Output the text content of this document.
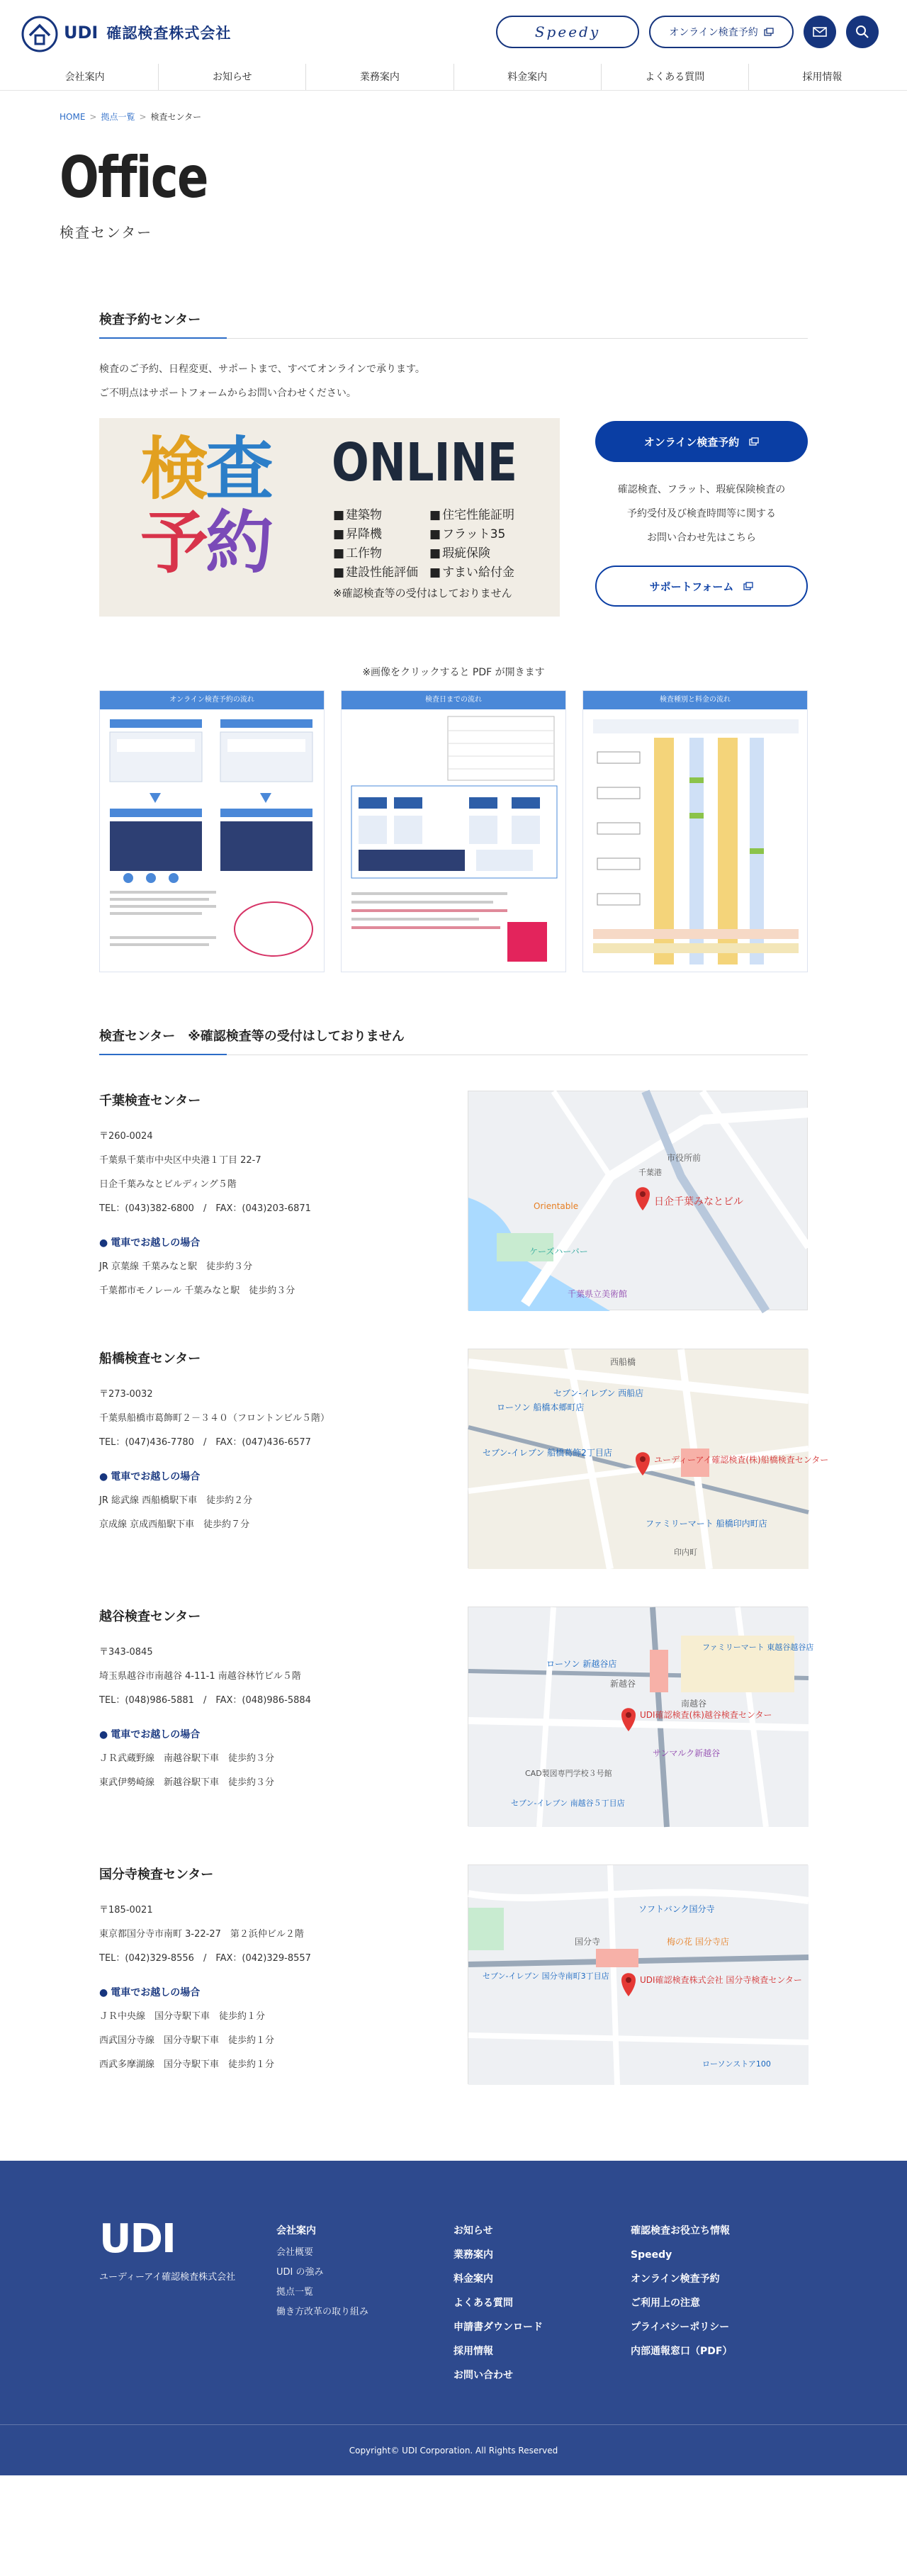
UDI 確認検査株式会社	Speedy	オンライン検査予約
会社案内	お知らせ	業務案内	料金案内	よくある質問	採用情報
HOME > 拠点一覧 > 検査センター
Office

検査センター

検査予約センター

検査のご予約、日程変更、サポートまで、すべてオンラインで承ります。
ご不明点はサポートフォームからお問い合わせください。

検査
予約
ONLINE
■ 建築物	■ 住宅性能証明
■ 昇降機	■ フラット35
■ 工作物	■ 瑕疵保険
■ 建設性能評価	■ すまい給付金
※確認検査等の受付はしておりません
オンライン検査予約

確認検査、フラット、瑕疵保険検査の
予約受付及び検査時間等に関する
お問い合わせ先はこちら

サポートフォーム

※画像をクリックすると PDF が開きます

オンライン検査予約の流れ	検査日までの流れ	検査種別と料金の流れ
検査センター　※確認検査等の受付はしておりません
千葉検査センター

〒260-0024

千葉県千葉市中央区中央港１丁目 22-7

日企千葉みなとビルディング５階

TEL：(043)382-6800　/　FAX：(043)203-6871

● 電車でお越しの場合

JR 京葉線 千葉みなと駅　徒歩約３分

千葉都市モノレール 千葉みなと駅　徒歩約３分

日企千葉みなとビル
Orientable
ケーズハーバー
市役所前
千葉県立美術館
千葉港
船橋検査センター

〒273-0032

千葉県船橋市葛飾町２－３４０（フロントンビル５階）

TEL：(047)436-7780　/　FAX：(047)436-6577

● 電車でお越しの場合

JR 総武線 西船橋駅下車　徒歩約２分

京成線 京成西船駅下車　徒歩約７分

ユーディーアイ確認検査(株)船橋検査センター
ローソン 船橋本郷町店
セブン-イレブン 西船店
西船橋
セブン-イレブン 船橋葛飾2丁目店
ファミリーマート 船橋印内町店
印内町
越谷検査センター

〒343-0845

埼玉県越谷市南越谷 4-11-1 南越谷林竹ビル５階

TEL：(048)986-5881　/　FAX：(048)986-5884

● 電車でお越しの場合

ＪＲ武蔵野線　南越谷駅下車　徒歩約３分

東武伊勢崎線　新越谷駅下車　徒歩約３分

UDI確認検査(株)越谷検査センター
ローソン 新越谷店
新越谷
南越谷
サンマルク新越谷
CAD製図専門学校３号館
セブン-イレブン 南越谷５丁目店
ファミリーマート 東越谷越谷店
国分寺検査センター

〒185-0021

東京都国分寺市南町 3-22-27　第２浜仲ビル２階

TEL：(042)329-8556　/　FAX：(042)329-8557

● 電車でお越しの場合

ＪＲ中央線　国分寺駅下車　徒歩約１分

西武国分寺線　国分寺駅下車　徒歩約１分

西武多摩湖線　国分寺駅下車　徒歩約１分

UDI確認検査株式会社 国分寺検査センター
ソフトバンク国分寺
国分寺
セブン-イレブン 国分寺南町3丁目店
梅の花 国分寺店
ローソンストア100
UDI
ユーディーアイ確認検査株式会社
会社案内
会社概要
UDI の強み
拠点一覧
働き方改革の取り組み
お知らせ
業務案内
料金案内
よくある質問
申請書ダウンロード
採用情報
お問い合わせ
確認検査お役立ち情報
Speedy
オンライン検査予約
ご利用上の注意
プライバシーポリシー
内部通報窓口（PDF）
Copyright© UDI Corporation. All Rights Reserved
